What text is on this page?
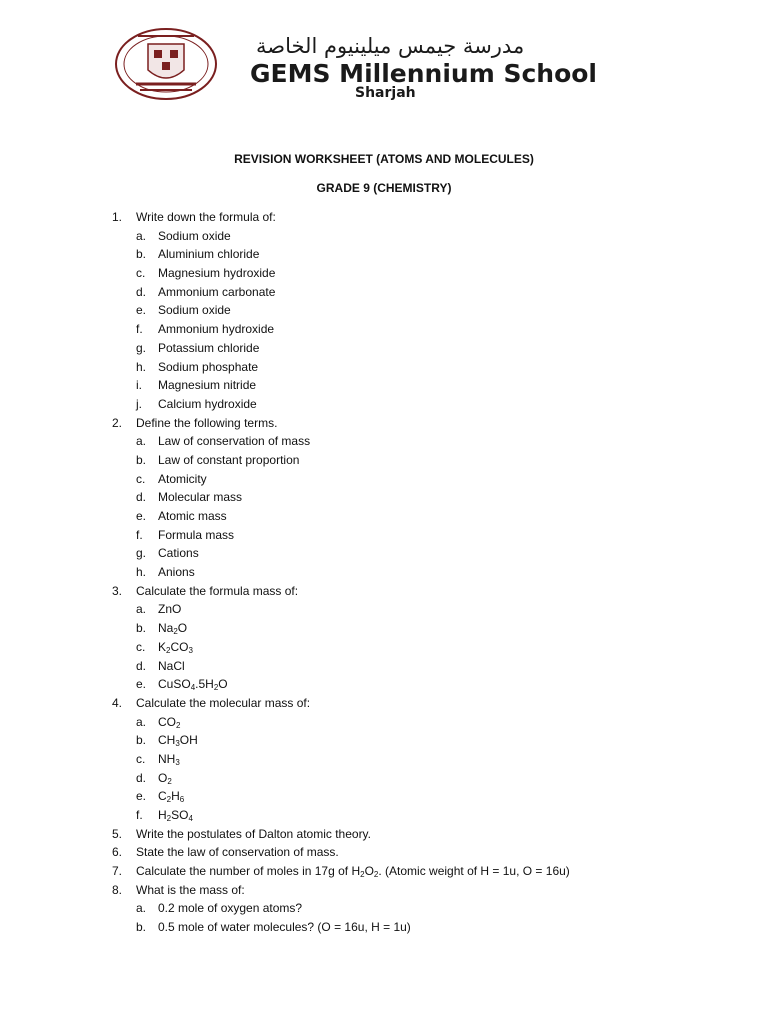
مدرسة جيمس ميلينيوم الخاصة
GEMS Millennium School
Sharjah
REVISION WORKSHEET (ATOMS AND MOLECULES)
GRADE 9 (CHEMISTRY)
1. Write down the formula of:
a. Sodium oxide
b. Aluminium chloride
c. Magnesium hydroxide
d. Ammonium carbonate
e. Sodium oxide
f. Ammonium hydroxide
g. Potassium chloride
h. Sodium phosphate
i. Magnesium nitride
j. Calcium hydroxide
2. Define the following terms.
a. Law of conservation of mass
b. Law of constant proportion
c. Atomicity
d. Molecular mass
e. Atomic mass
f. Formula mass
g. Cations
h. Anions
3. Calculate the formula mass of:
a. ZnO
b. $Na_2O$
c. $K_2CO_3$
d. NaCl
e. $CuSO_4.5H_2O$
4. Calculate the molecular mass of:
a. $CO_2$
b. $CH_3OH$
c. $NH_3$
d. $O_2$
e. $C_2H_6$
f. $H_2SO_4$
5. Write the postulates of Dalton atomic theory.
6. State the law of conservation of mass.
7. Calculate the number of moles in 17g of $H_2O_2$. (Atomic weight of H = 1u, O = 16u)
8. What is the mass of:
a. 0.2 mole of oxygen atoms?
b. 0.5 mole of water molecules? (O = 16u, H = 1u)
